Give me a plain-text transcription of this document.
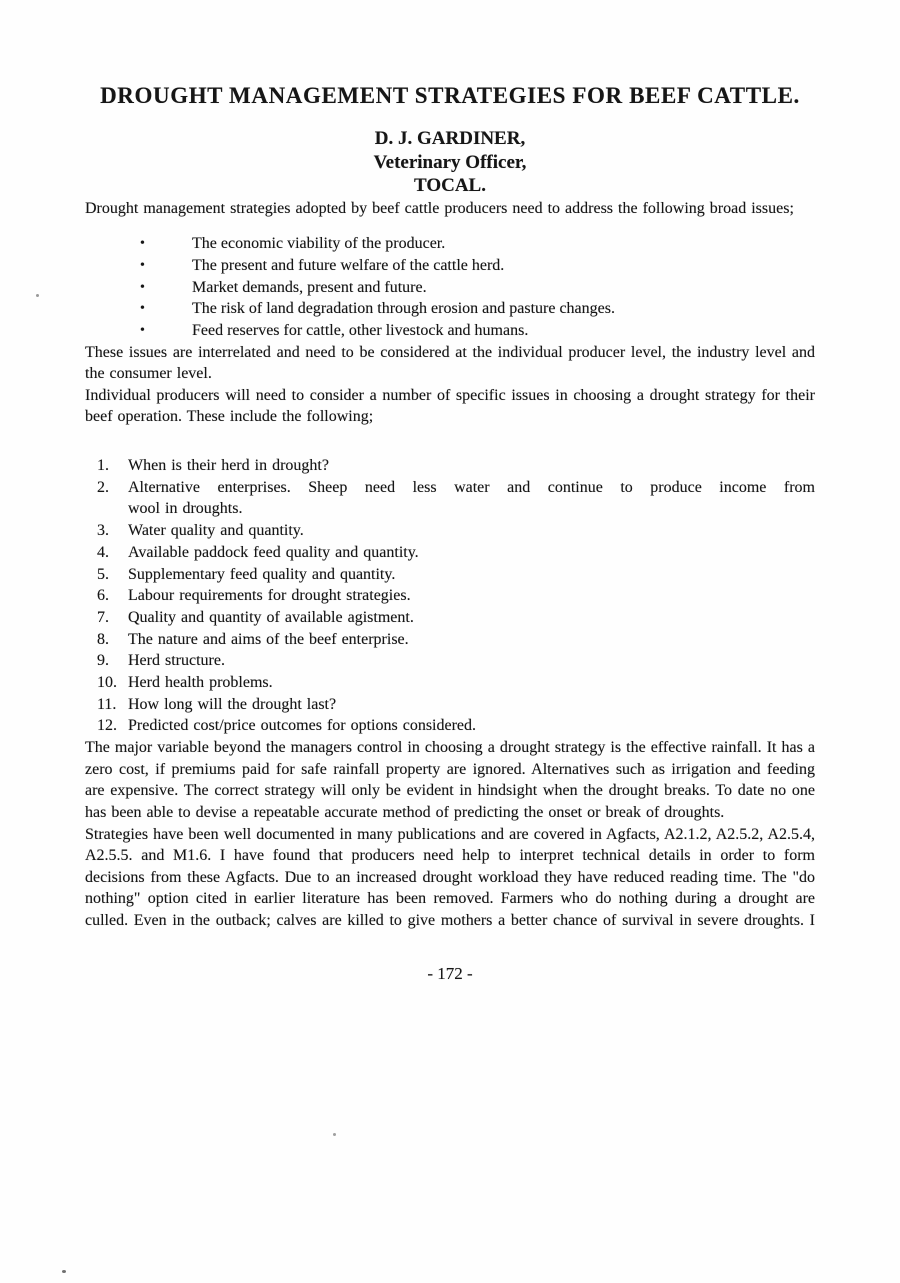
DROUGHT MANAGEMENT STRATEGIES FOR BEEF CATTLE.
D. J. GARDINER,
Veterinary Officer,
TOCAL.

Drought management strategies adopted by beef cattle producers need to address the following broad issues;

•	The economic viability of the producer.
•	The present and future welfare of the cattle herd.
•	Market demands, present and future.
•	The risk of land degradation through erosion and pasture changes.
•	Feed reserves for cattle, other livestock and humans.

These issues are interrelated and need to be considered at the individual producer level, the industry level and the consumer level.

Individual producers will need to consider a number of specific issues in choosing a drought strategy for their beef operation. These include the following;

1.	When is their herd in drought?
2.	Alternative enterprises. Sheep need less water and continue to produce income from
wool in droughts.
3.	Water quality and quantity.
4.	Available paddock feed quality and quantity.
5.	Supplementary feed quality and quantity.
6.	Labour requirements for drought strategies.
7.	Quality and quantity of available agistment.
8.	The nature and aims of the beef enterprise.
9.	Herd structure.
10. Herd health problems.
11. How long will the drought last?
12. Predicted cost/price outcomes for options considered.

The major variable beyond the managers control in choosing a drought strategy is the effective rainfall. It has a zero cost, if premiums paid for safe rainfall property are ignored. Alternatives such as irrigation and feeding are expensive. The correct strategy will only be evident in hindsight when the drought breaks. To date no one has been able to devise a repeatable accurate method of predicting the onset or break of droughts.

Strategies have been well documented in many publications and are covered in Agfacts, A2.1.2, A2.5.2, A2.5.4, A2.5.5. and M1.6. I have found that producers need help to interpret technical details in order to form decisions from these Agfacts. Due to an increased drought workload they have reduced reading time. The "do nothing" option cited in earlier literature has been removed. Farmers who do nothing during a drought are culled. Even in the outback; calves are killed to give mothers a better chance of survival in severe droughts. I

- 172 -
